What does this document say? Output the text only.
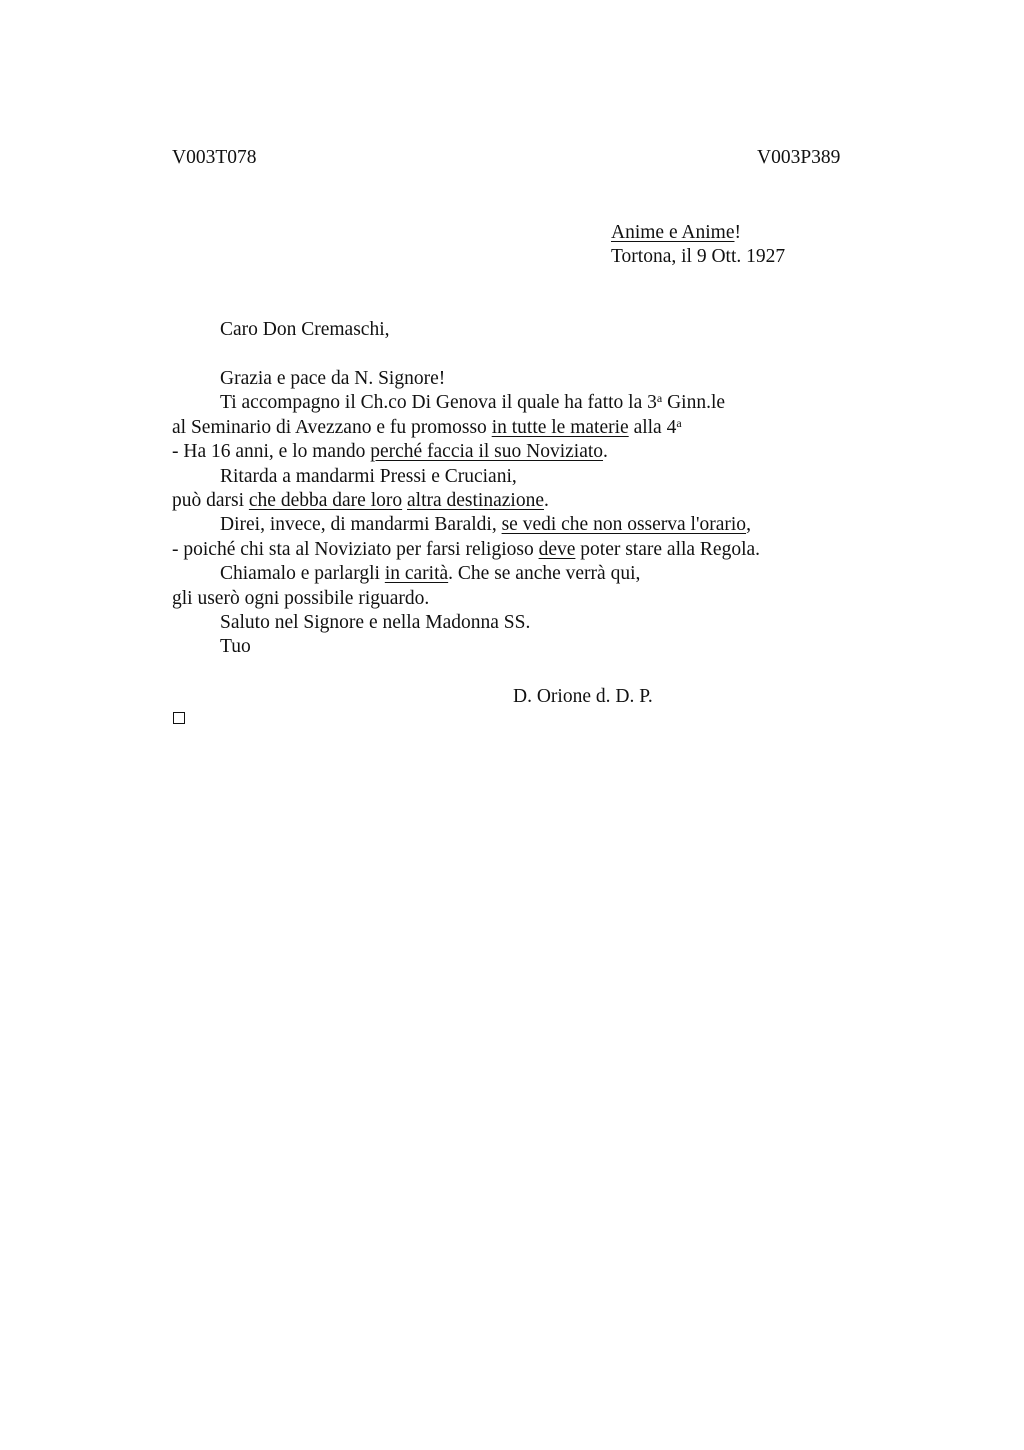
V003T078	V003P389
Anime e Anime!
Tortona, il 9 Ott. 1927
Caro Don Cremaschi,
Grazia e pace da N. Signore!
Ti accompagno il Ch.co Di Genova il quale ha fatto la 3$^a$ Ginn.le
al Seminario di Avezzano e fu promosso in tutte le materie alla 4$^a$
- Ha 16 anni, e lo mando perché faccia il suo Noviziato.
Ritarda a mandarmi Pressi e Cruciani,
può darsi che debba dare loro altra destinazione.
Direi, invece, di mandarmi Baraldi, se vedi che non osserva l'orario,
- poiché chi sta al Noviziato per farsi religioso deve poter stare alla Regola.
Chiamalo e parlargli in carità. Che se anche verrà qui,
gli userò ogni possibile riguardo.
Saluto nel Signore e nella Madonna SS.
Tuo
D. Orione d. D. P.
